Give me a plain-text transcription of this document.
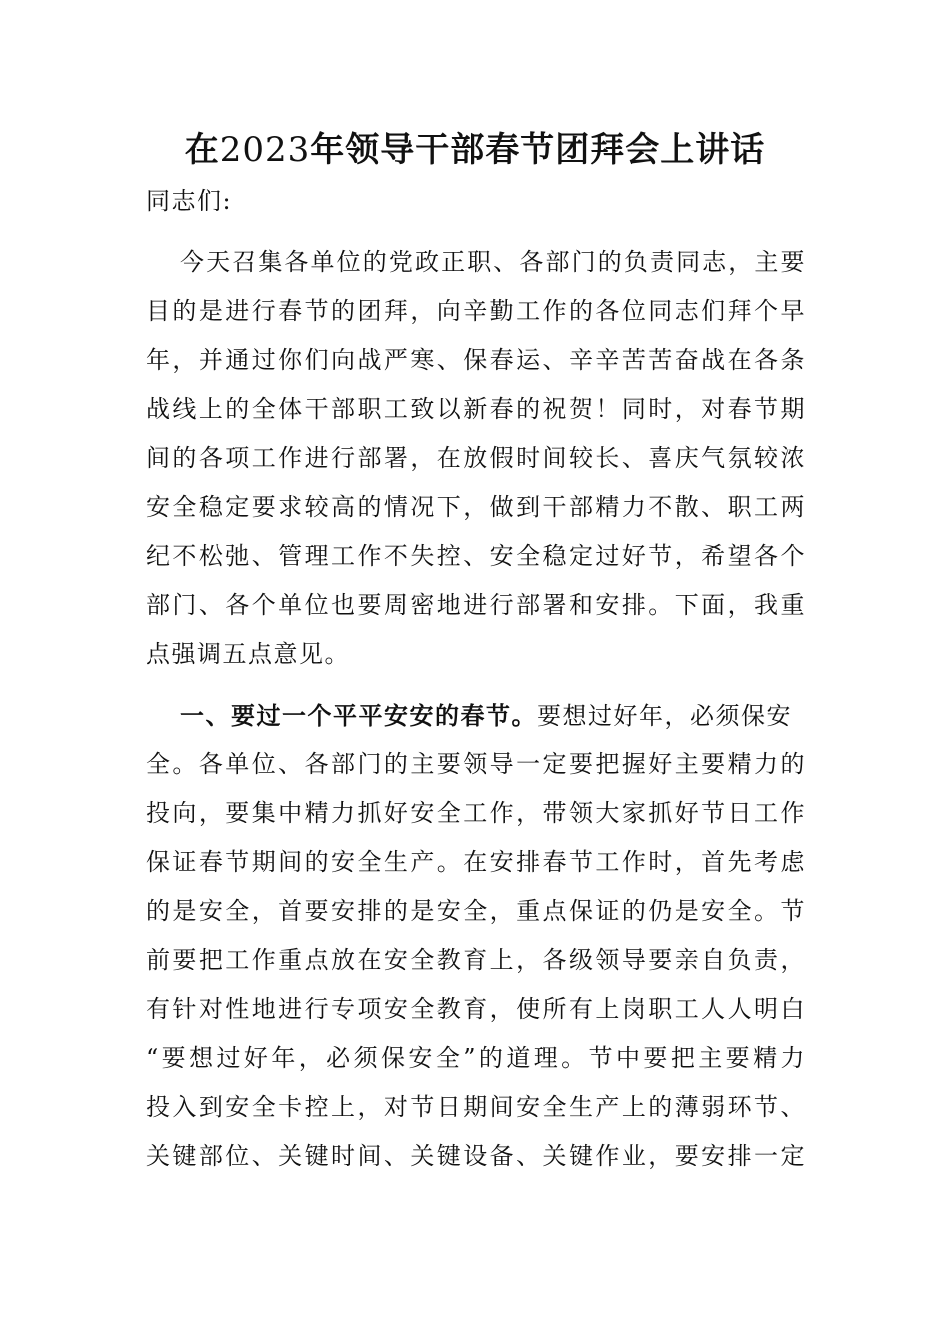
在2023年领导干部春节团拜会上讲话
同志们:
今天召集各单位的党政正职、各部门的负责同志，主要
目的是进行春节的团拜，向辛勤工作的各位同志们拜个早
年，并通过你们向战严寒、保春运、辛辛苦苦奋战在各条
战线上的全体干部职工致以新春的祝贺！同时，对春节期
间的各项工作进行部署，在放假时间较长、喜庆气氛较浓
安全稳定要求较高的情况下，做到干部精力不散、职工两
纪不松弛、管理工作不失控、安全稳定过好节，希望各个
部门、各个单位也要周密地进行部署和安排。下面，我重
点强调五点意见。
一、要过一个平平安安的春节。要想过好年，必须保安
全。各单位、各部门的主要领导一定要把握好主要精力的
投向，要集中精力抓好安全工作，带领大家抓好节日工作
保证春节期间的安全生产。在安排春节工作时，首先考虑
的是安全，首要安排的是安全，重点保证的仍是安全。节
前要把工作重点放在安全教育上，各级领导要亲自负责，
有针对性地进行专项安全教育，使所有上岗职工人人明白
“要想过好年，必须保安全”的道理。节中要把主要精力
投入到安全卡控上，对节日期间安全生产上的薄弱环节、
关键部位、关键时间、关键设备、关键作业，要安排一定
